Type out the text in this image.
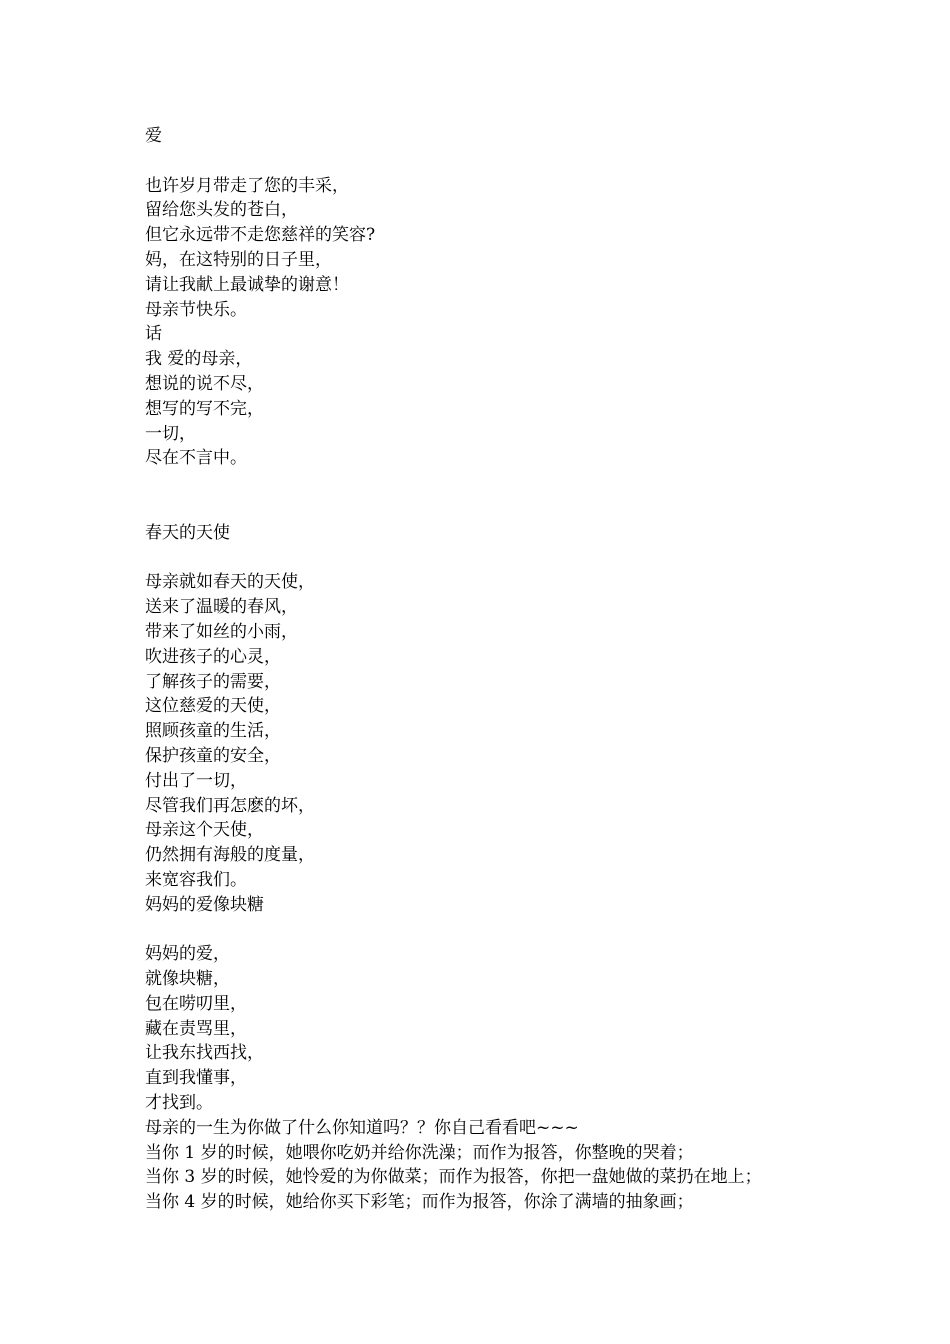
爱
也许岁月带走了您的丰采，
留给您头发的苍白，
但它永远带不走您慈祥的笑容?
妈，在这特别的日子里，
请让我献上最诚挚的谢意！
母亲节快乐。
话
我 爱的母亲，
想说的说不尽，
想写的写不完，
一切，
尽在不言中。
春天的天使
母亲就如春天的天使，
送来了温暖的春风，
带来了如丝的小雨，
吹进孩子的心灵，
了解孩子的需要，
这位慈爱的天使，
照顾孩童的生活，
保护孩童的安全，
付出了一切，
尽管我们再怎麽的坏，
母亲这个天使，
仍然拥有海般的度量，
来宽容我们。
妈妈的爱像块糖
妈妈的爱，
就像块糖，
包在唠叨里，
藏在责骂里，
让我东找西找，
直到我懂事，
才找到。
母亲的一生为你做了什么你知道吗？？你自己看看吧~~~
当你 1 岁的时候，她喂你吃奶并给你洗澡；而作为报答，你整晚的哭着；
当你 3 岁的时候，她怜爱的为你做菜；而作为报答，你把一盘她做的菜扔在地上；
当你 4 岁的时候，她给你买下彩笔；而作为报答，你涂了满墙的抽象画；
